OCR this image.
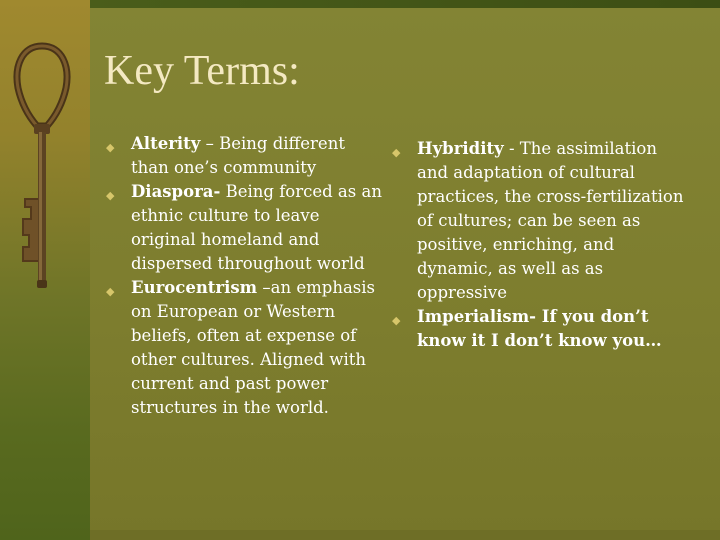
Key Terms:

◆ Alterity – Being different than one’s community

◆ Diaspora- Being forced as an ethnic culture to leave original homeland and dispersed throughout world

◆ Eurocentrism –an emphasis on European or Western beliefs, often at expense of other cultures. Aligned with current and past power structures in the world.

◆ Hybridity - The assimilation and adaptation of cultural practices, the cross-fertilization of cultures; can be seen as positive, enriching, and dynamic, as well as as oppressive

◆ Imperialism- If you don’t know it I don’t know you…
